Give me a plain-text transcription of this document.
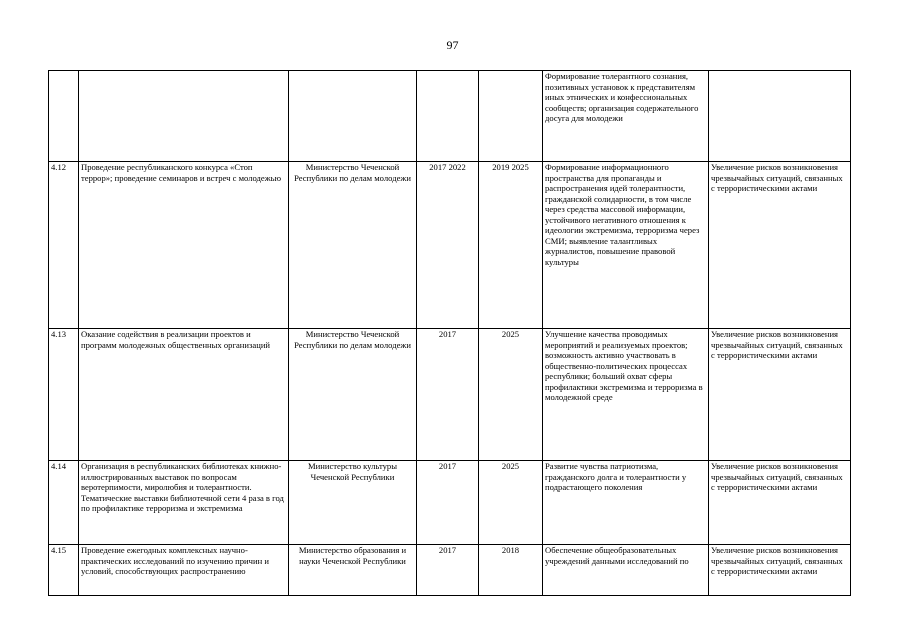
97
					Формирование толерантного сознания, позитивных установок к представителям иных этнических и конфессиональных сообществ; организация содержательного досуга для молодежи	
4.12	Проведение республиканского конкурса «Стоп террор»; проведение семинаров и встреч с молодежью	Министерство Чеченской Республики по делам молодежи	2017 2022	2019 2025	Формирование информационного пространства для пропаганды и распространения идей толерантности, гражданской солидарности, в том числе через средства массовой информации, устойчивого негативного отношения к идеологии экстремизма, терроризма через СМИ; выявление талантливых журналистов, повышение правовой культуры	Увеличение рисков возникновения чрезвычайных ситуаций, связанных с террористическими актами
4.13	Оказание содействия в реализации проектов и программ молодежных общественных организаций	Министерство Чеченской Республики по делам молодежи	2017	2025	Улучшение качества проводимых мероприятий и реализуемых проектов; возможность активно участвовать в общественно-политических процессах республики; больший охват сферы профилактики экстремизма и терроризма в молодежной среде	Увеличение рисков возникновения чрезвычайных ситуаций, связанных с террористическими актами
4.14	Организация в республиканских библиотеках книжно-иллюстрированных выставок по вопросам веротерпимости, миролюбия и толерантности. Тематические выставки библиотечной сети 4 раза в год по профилактике терроризма и экстремизма	Министерство культуры Чеченской Республики	2017	2025	Развитие чувства патриотизма, гражданского долга и толерантности у подрастающего поколения	Увеличение рисков возникновения чрезвычайных ситуаций, связанных с террористическими актами
4.15	Проведение ежегодных комплексных научно-практических исследований по изучению причин и условий, способствующих распространению	Министерство образования и науки Чеченской Республики	2017	2018	Обеспечение общеобразовательных учреждений данными исследований по	Увеличение рисков возникновения чрезвычайных ситуаций, связанных с террористическими актами
